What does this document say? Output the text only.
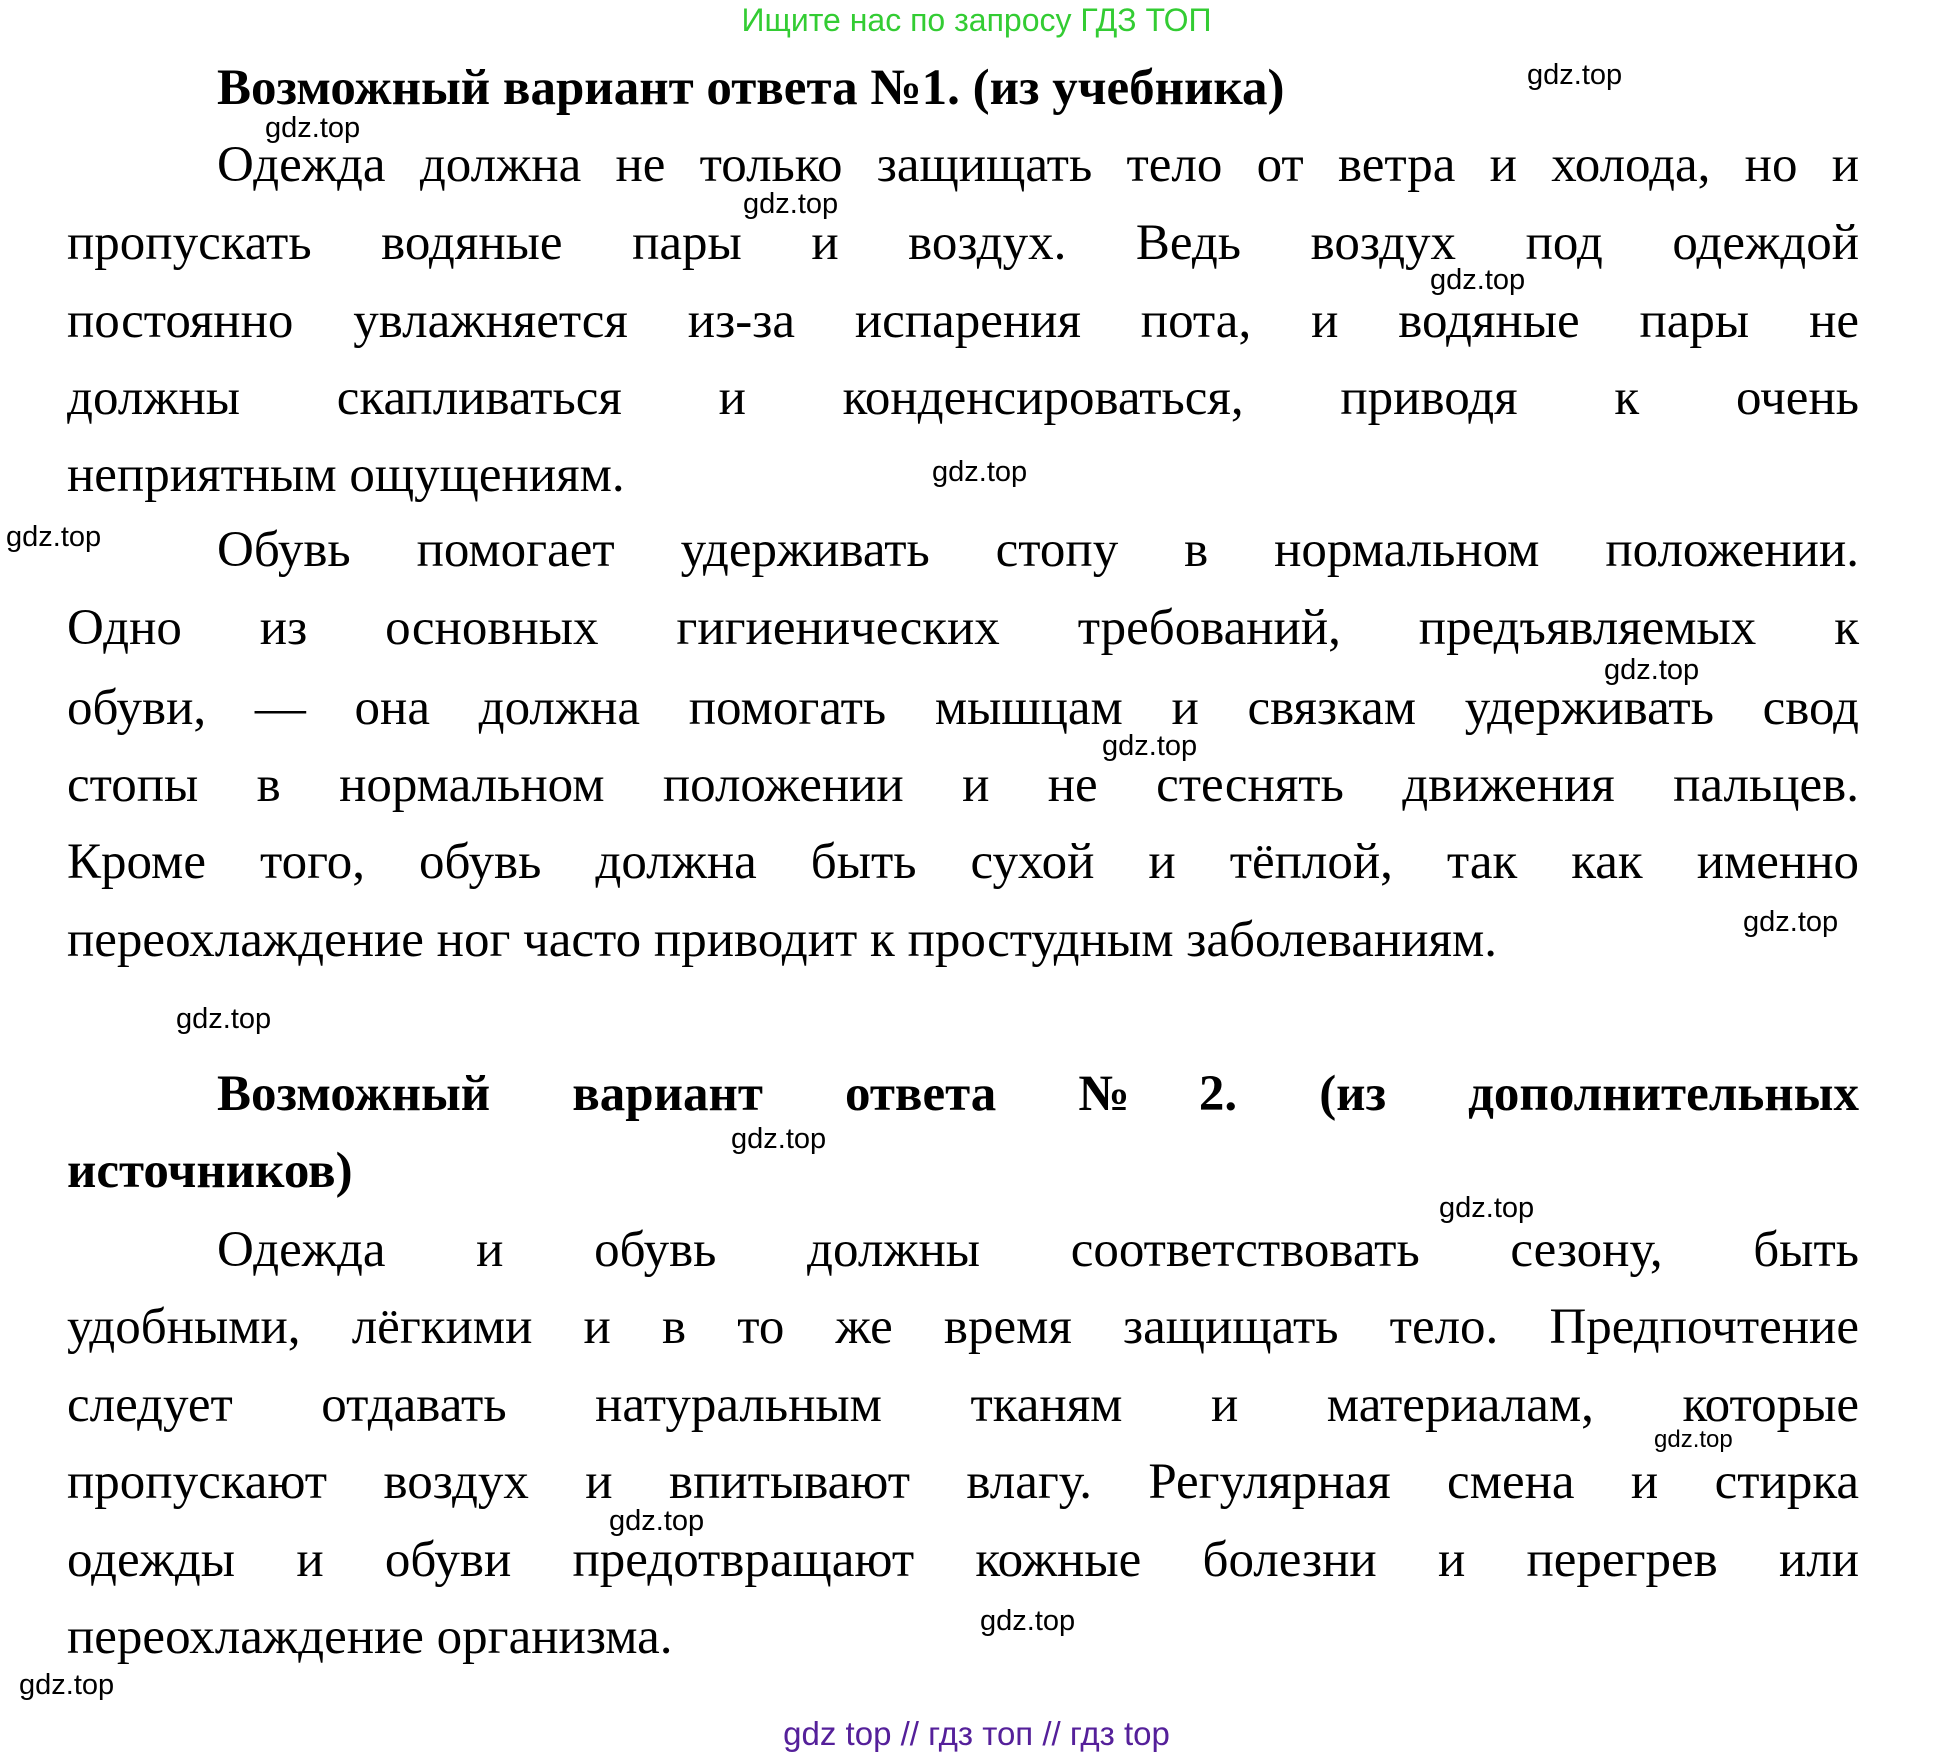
Ищите нас по запросу ГДЗ ТОП
Возможный вариант ответа №1. (из учебника)
Одежда должна не только защищать тело от ветра и холода, но и
пропускать водяные пары и воздух. Ведь воздух под одеждой
постоянно увлажняется из-за испарения пота, и водяные пары не
должны скапливаться и конденсироваться, приводя к очень
неприятным ощущениям.
Обувь помогает удерживать стопу в нормальном положении.
Одно из основных гигиенических требований, предъявляемых к
обуви, — она должна помогать мышцам и связкам удерживать свод
стопы в нормальном положении и не стеснять движения пальцев.
Кроме того, обувь должна быть сухой и тёплой, так как именно
переохлаждение ног часто приводит к простудным заболеваниям.
Возможный вариант ответа №2. (из дополнительных
источников)
Одежда и обувь должны соответствовать сезону, быть
удобными, лёгкими и в то же время защищать тело. Предпочтение
следует отдавать натуральным тканям и материалам, которые
пропускают воздух и впитывают влагу. Регулярная смена и стирка
одежды и обуви предотвращают кожные болезни и перегрев или
переохлаждение организма.
gdz.top
gdz.top
gdz.top
gdz.top
gdz.top
gdz.top
gdz.top
gdz.top
gdz.top
gdz.top
gdz.top
gdz.top
gdz.top
gdz.top
gdz.top
gdz.top
gdz top // гдз топ // гдз top
